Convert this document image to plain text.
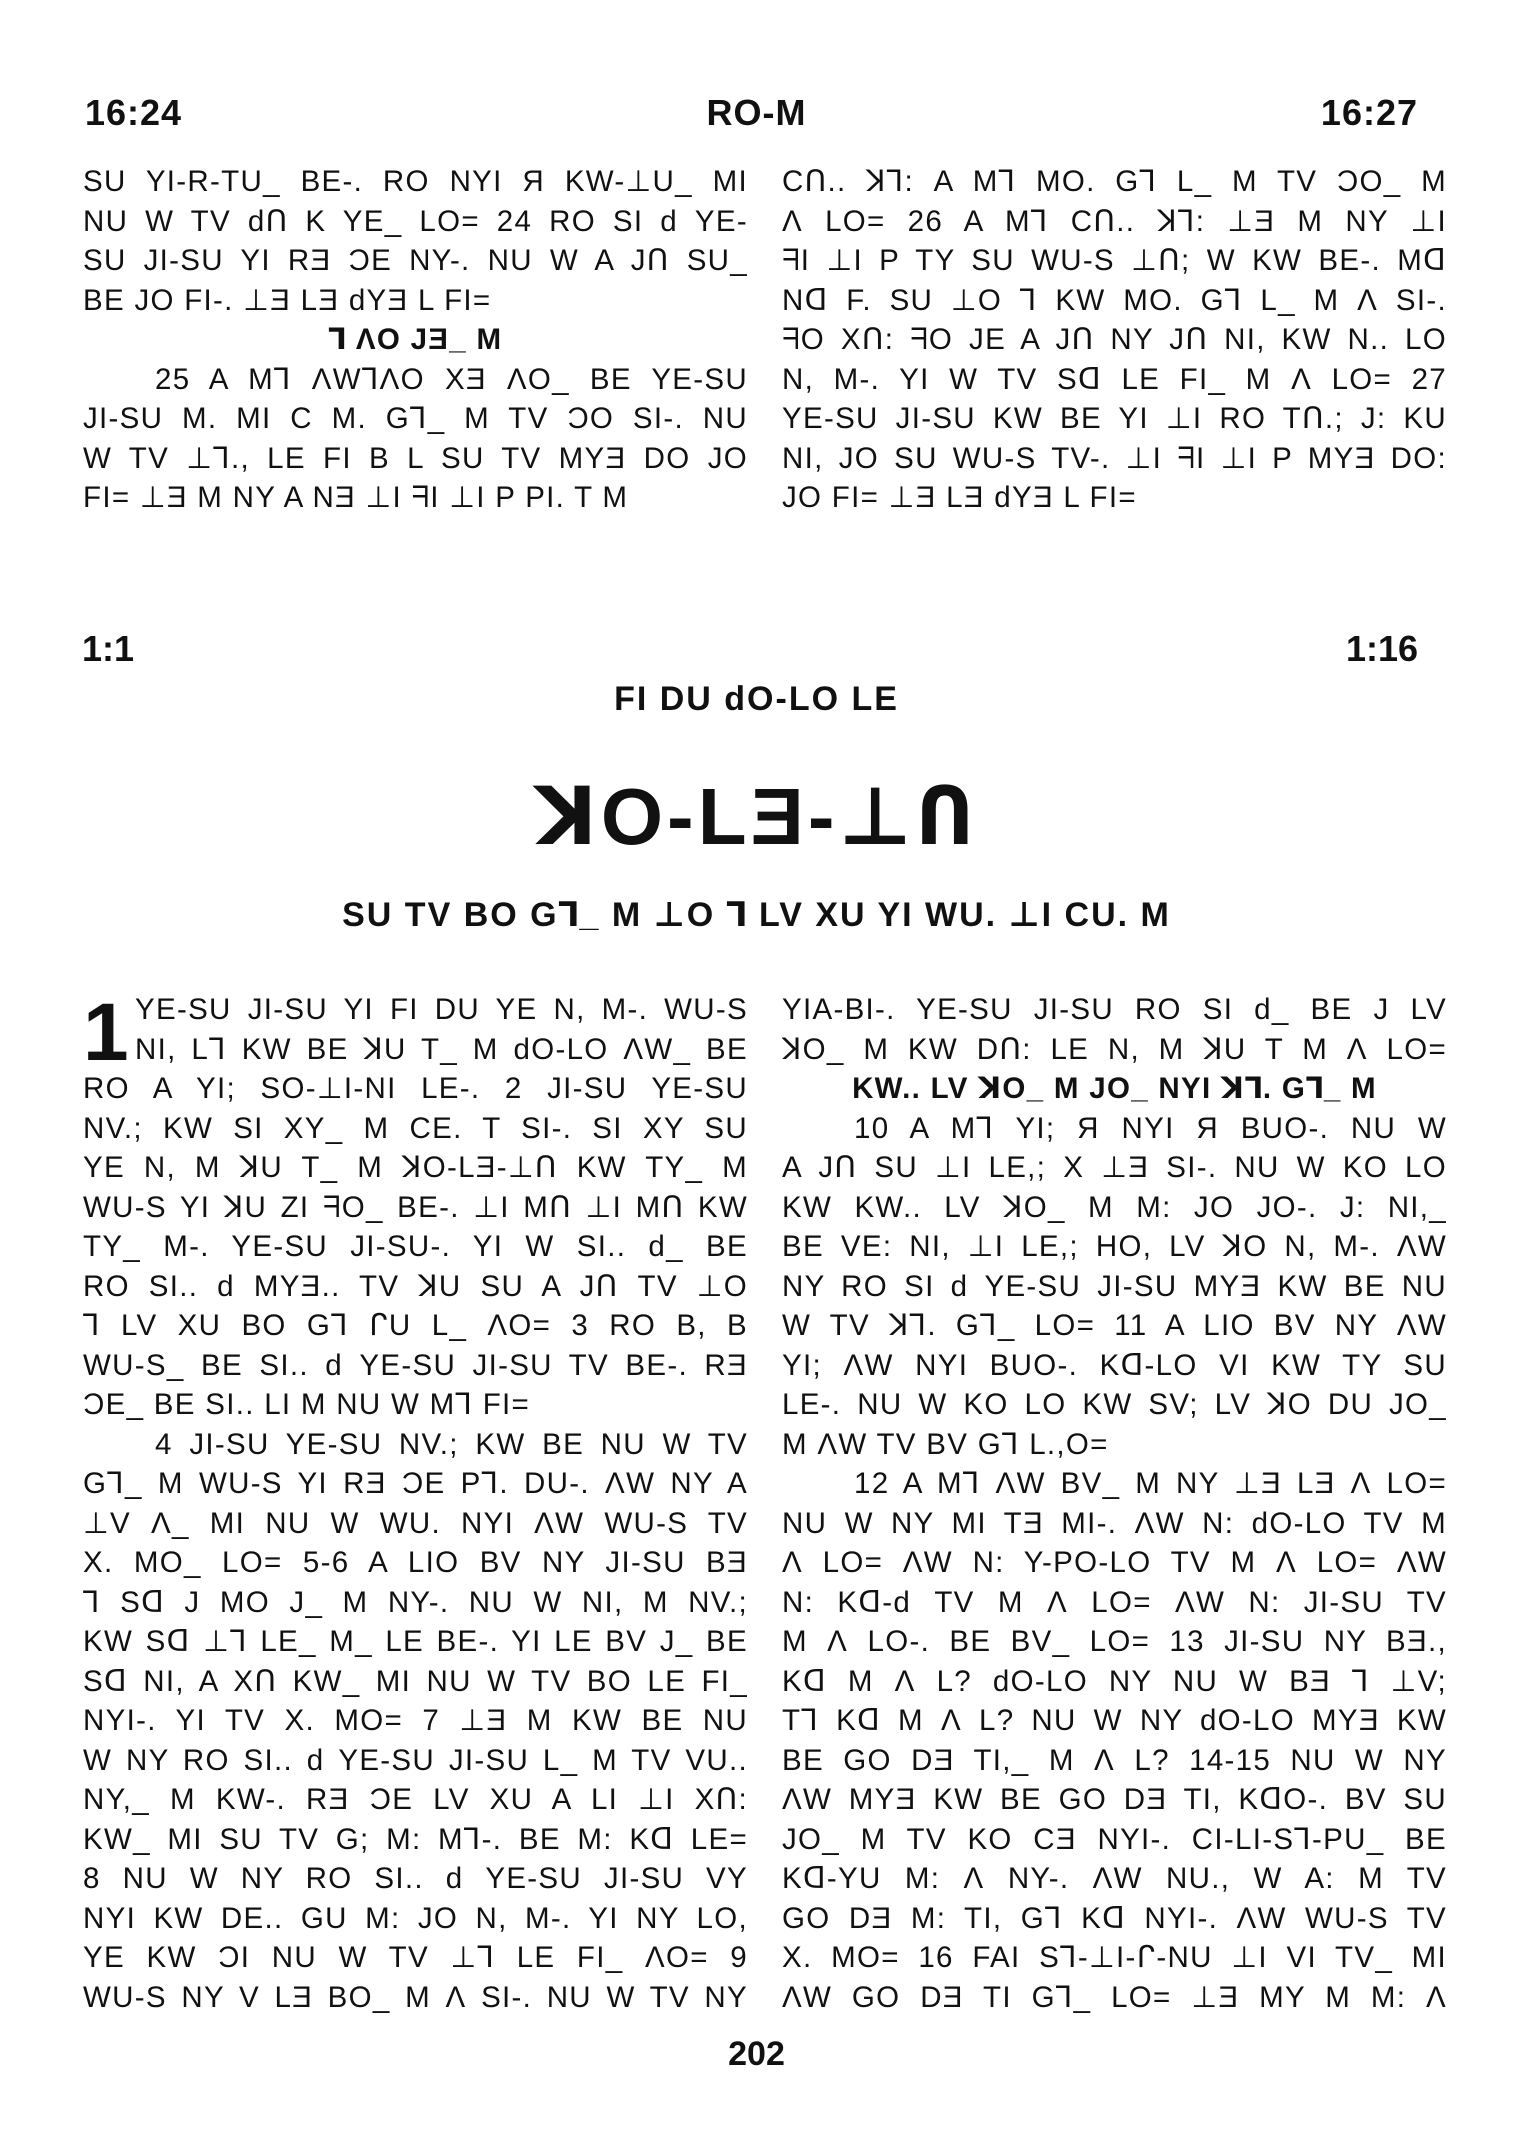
16:24	RO-M	16:27
SU YI-R-TU_ BE-. RO NYI Я KW-⊥U_ MI
NU W TV ԁՈ K YE_ LO= 24 RO SI ԁ YE-
SU JI-SU YI RƎ ƆE NY-. NU W A JՈ SU_
BE JO FI-. ⊥Ǝ LƎ ԁYƎ L FI=
⅂ ɅO JƎ_ M
25 A M⅂ ɅW⅂ɅO XƎ ɅO_ BE YE-SU
JI-SU M. MI C M. G⅂_ M TV ƆO SI-. NU
W TV ⊥⅂., LE FI B L SU TV MYƎ DO JO
FI= ⊥Ǝ M NY A NƎ ⊥I ᖷI ⊥I P PI. T M
CՈ.. ꓘ⅂: A M⅂ MO. G⅂ L_ M TV ƆO_ M
Ʌ LO= 26 A M⅂ CՈ.. ꓘ⅂: ⊥Ǝ M NY ⊥I
ᖷI ⊥I P TY SU WU-S ⊥Ո; W KW BE-. Mᗡ
Nᗡ F. SU ⊥O ⅂ KW MO. G⅂ L_ M Ʌ SI-.
ᖷO XՈ: ᖷO JE A JՈ NY JՈ NI, KW N.. LO
N, M-. YI W TV Sᗡ LE FI_ M Ʌ LO= 27
YE-SU JI-SU KW BE YI ⊥I RO TՈ.; J: KU
NI, JO SU WU-S TV-. ⊥I ᖷI ⊥I P MYƎ DO:
JO FI= ⊥Ǝ LƎ ԁYƎ L FI=
1:1	1:16
FI DU ԁO-LO LE
ꓘO-LƎ-⊥Ո
SU TV BO G⅂_ M ⊥O ⅂ LV XU YI WU. ⊥I CU. M
1 YE-SU JI-SU YI FI DU YE N, M-. WU-S
NI, L⅂ KW BE ꓘU T_ M ԁO-LO ɅW_ BE
RO A YI; SO-⊥I-NI LE-. 2 JI-SU YE-SU
NV.; KW SI XY_ M CE. T SI-. SI XY SU
YE N, M ꓘU T_ M ꓘO-LƎ-⊥Ո KW TY_ M
WU-S YI ꓘU ZI ᖷO_ BE-. ⊥I MՈ ⊥I MՈ KW
TY_ M-. YE-SU JI-SU-. YI W SI.. ԁ_ BE
RO SI.. ԁ MYƎ.. TV ꓘU SU A JՈ TV ⊥O
⅂ LV XU BO G⅂ ᒋU L_ ɅO= 3 RO B, B
WU-S_ BE SI.. ԁ YE-SU JI-SU TV BE-. RƎ
ƆE_ BE SI.. LI M NU W M⅂ FI=
4 JI-SU YE-SU NV.; KW BE NU W TV
G⅂_ M WU-S YI RƎ ƆE P⅂. DU-. ɅW NY A
⊥V Ʌ_ MI NU W WU. NYI ɅW WU-S TV
X. MO_ LO= 5-6 A LIO BV NY JI-SU BƎ
⅂ Sᗡ J MO J_ M NY-. NU W NI, M NV.;
KW Sᗡ ⊥⅂ LE_ M_ LE BE-. YI LE BV J_ BE
Sᗡ NI, A XՈ KW_ MI NU W TV BO LE FI_
NYI-. YI TV X. MO= 7 ⊥Ǝ M KW BE NU
W NY RO SI.. ԁ YE-SU JI-SU L_ M TV VU..
NY,_ M KW-. RƎ ƆE LV XU A LI ⊥I XՈ:
KW_ MI SU TV G; M: M⅂-. BE M: Kᗡ LE=
8 NU W NY RO SI.. ԁ YE-SU JI-SU VY
NYI KW DE.. GU M: JO N, M-. YI NY LO,
YE KW ƆI NU W TV ⊥⅂ LE FI_ ɅO= 9
WU-S NY V LƎ BO_ M Ʌ SI-. NU W TV NY
YIA-BI-. YE-SU JI-SU RO SI ԁ_ BE J LV
ꓘO_ M KW DՈ: LE N, M ꓘU T M Ʌ LO=
KW.. LV ꓘO_ M JO_ NYI ꓘ⅂. G⅂_ M
10 A M⅂ YI; Я NYI Я BUO-. NU W
A JՈ SU ⊥I LE,; X ⊥Ǝ SI-. NU W KO LO
KW KW.. LV ꓘO_ M M: JO JO-. J: NI,_
BE VE: NI, ⊥I LE,; HO, LV ꓘO N, M-. ɅW
NY RO SI ԁ YE-SU JI-SU MYƎ KW BE NU
W TV ꓘ⅂. G⅂_ LO= 11 A LIO BV NY ɅW
YI; ɅW NYI BUO-. Kᗡ-LO VI KW TY SU
LE-. NU W KO LO KW SV; LV ꓘO DU JO_
M ɅW TV BV G⅂ L.,O=
12 A M⅂ ɅW BV_ M NY ⊥Ǝ LƎ Ʌ LO=
NU W NY MI TƎ MI-. ɅW N: ԁO-LO TV M
Ʌ LO= ɅW N: Y-PO-LO TV M Ʌ LO= ɅW
N: Kᗡ-ԁ TV M Ʌ LO= ɅW N: JI-SU TV
M Ʌ LO-. BE BV_ LO= 13 JI-SU NY BƎ.,
Kᗡ M Ʌ L? ԁO-LO NY NU W BƎ ⅂ ⊥V;
T⅂ Kᗡ M Ʌ L? NU W NY ԁO-LO MYƎ KW
BE GO DƎ TI,_ M Ʌ L? 14-15 NU W NY
ɅW MYƎ KW BE GO DƎ TI, KᗡO-. BV SU
JO_ M TV KO CƎ NYI-. CI-LI-S⅂-PU_ BE
Kᗡ-YU M: Ʌ NY-. ɅW NU., W A: M TV
GO DƎ M: TI, G⅂ Kᗡ NYI-. ɅW WU-S TV
X. MO= 16 FAI S⅂-⊥I-ᒋ-NU ⊥I VI TV_ MI
ɅW GO DƎ TI G⅂_ LO= ⊥Ǝ MY M M: Ʌ
202
